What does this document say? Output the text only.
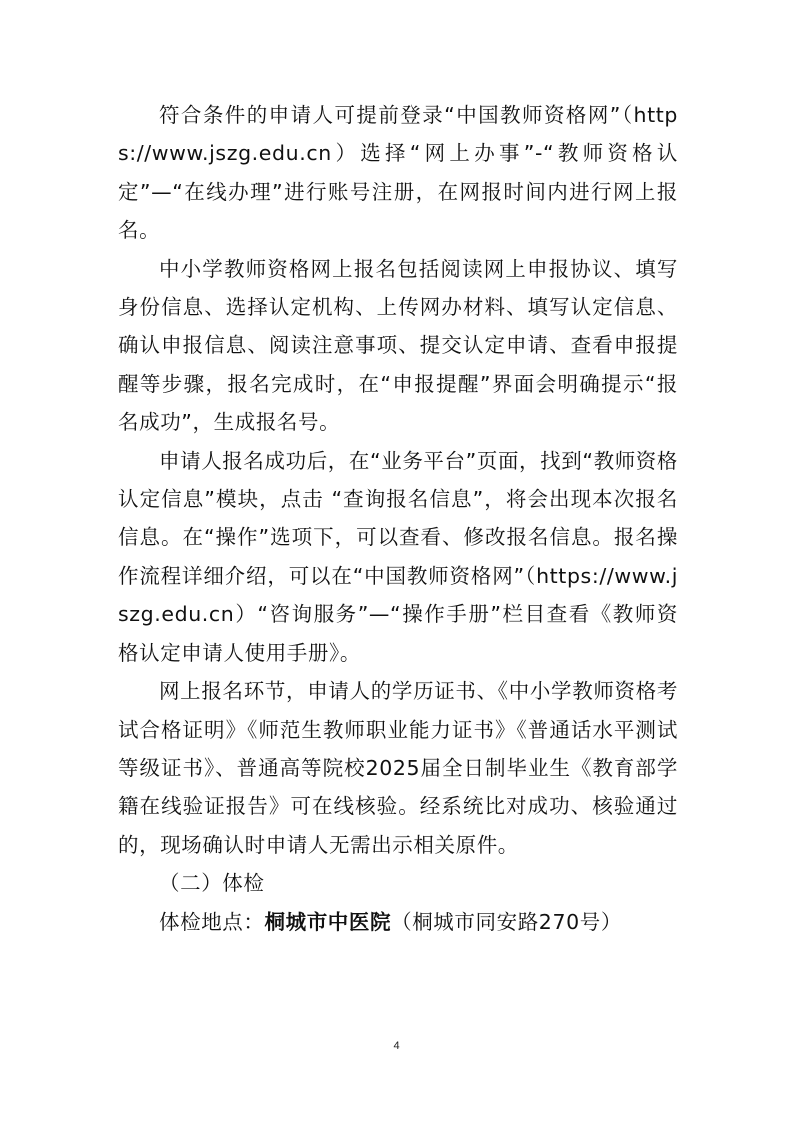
符合条件的申请人可提前登录“中国教师资格网”（https://www.jszg.edu.cn）选择“网上办事”-“教师资格认定”—“在线办理”进行账号注册，在网报时间内进行网上报名。

中小学教师资格网上报名包括阅读网上申报协议、填写身份信息、选择认定机构、上传网办材料、填写认定信息、确认申报信息、阅读注意事项、提交认定申请、查看申报提醒等步骤，报名完成时，在“申报提醒”界面会明确提示“报名成功”，生成报名号。

申请人报名成功后，在“业务平台”页面，找到“教师资格认定信息”模块，点击 “查询报名信息”，将会出现本次报名信息。在“操作”选项下，可以查看、修改报名信息。报名操作流程详细介绍，可以在“中国教师资格网”（https://www.jszg.edu.cn）“咨询服务”—“操作手册”栏目查看《教师资格认定申请人使用手册》。

网上报名环节，申请人的学历证书、《中小学教师资格考试合格证明》《师范生教师职业能力证书》《普通话水平测试等级证书》、普通高等院校2025届全日制毕业生《教育部学籍在线验证报告》可在线核验。经系统比对成功、核验通过的，现场确认时申请人无需出示相关原件。

（二）体检

体检地点：桐城市中医院（桐城市同安路270号）

4
